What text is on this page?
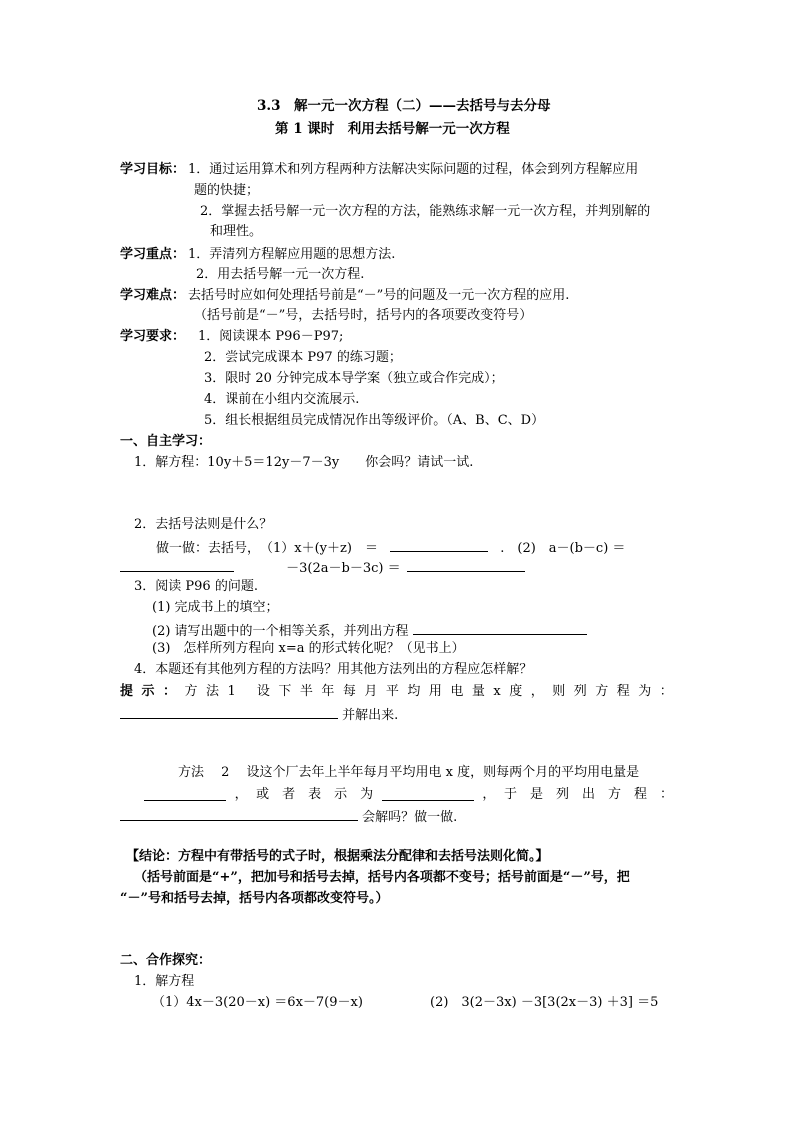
3.3　解一元一次方程（二）——去括号与去分母
第 1 课时　利用去括号解一元一次方程
学习目标： 1．通过运用算术和列方程两种方法解决实际问题的过程，体会到列方程解应用
题的快捷；
2．掌握去括号解一元一次方程的方法，能熟练求解一元一次方程，并判别解的
和理性。
学习重点： 1．弄清列方程解应用题的思想方法.
2．用去括号解一元一次方程.
学习难点： 去括号时应如何处理括号前是“－”号的问题及一元一次方程的应用.
（括号前是“－”号，去括号时，括号内的各项要改变符号）
学习要求： 1．阅读课本 P96－P97;
2．尝试完成课本 P97 的练习题；
3．限时 20 分钟完成本导学案（独立或合作完成）；
4．课前在小组内交流展示.
5．组长根据组员完成情况作出等级评价。（A、B、C、D）
一、自主学习：
1．解方程：10y＋5＝12y－7－3y　　你会吗？请试一试.
2．去括号法则是什么？
做一做：去括号，　（1）x＋(y＋z)　＝	.　(2)　a－(b－c) ＝
－3(2a－b－3c) ＝
3．阅读 P96 的问题.
(1) 完成书上的填空；
(2) 请写出题中的一个相等关系，并列出方程
(3)　怎样所列方程向 x=a 的形式转化呢？（见书上）
4．本题还有其他列方程的方法吗？用其他方法列出的方程应怎样解？
提 示 ： 方 法 1
设 下 半 年 每 月 平 均 用 电 量 x 度 ， 则 列 方 程 为 ：
并解出来.
方法　 2　 设这个厂去年上半年每月平均用电 x 度，则每两个月的平均用电量是
， 或　者　表　示　为	， 于　是　列　出　方　程　：
会解吗？做一做.
【结论：方程中有带括号的式子时，根据乘法分配律和去括号法则化简。】
（括号前面是“+”，把加号和括号去掉，括号内各项都不变号；括号前面是“－”号，把
“－”号和括号去掉，括号内各项都改变符号。）
二、合作探究：
1．解方程
（1）4x－3(20－x) ＝6x－7(9－x)	(2)　3(2－3x) －3[3(2x－3) ＋3] ＝5
